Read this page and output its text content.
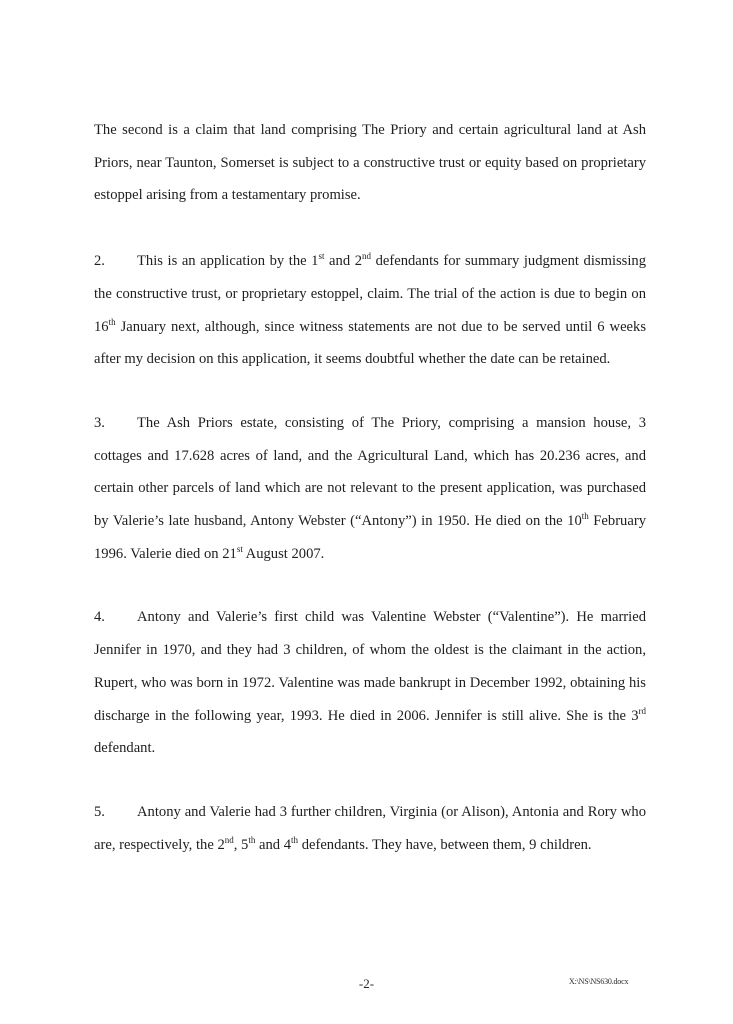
The second is a claim that land comprising The Priory and certain agricultural land at Ash Priors, near Taunton, Somerset is subject to a constructive trust or equity based on proprietary estoppel arising from a testamentary promise.

2. This is an application by the 1st and 2nd defendants for summary judgment dismissing the constructive trust, or proprietary estoppel, claim. The trial of the action is due to begin on 16th January next, although, since witness statements are not due to be served until 6 weeks after my decision on this application, it seems doubtful whether the date can be retained.

3. The Ash Priors estate, consisting of The Priory, comprising a mansion house, 3 cottages and 17.628 acres of land, and the Agricultural Land, which has 20.236 acres, and certain other parcels of land which are not relevant to the present application, was purchased by Valerie’s late husband, Antony Webster (“Antony”) in 1950. He died on the 10th February 1996. Valerie died on 21st August 2007.

4. Antony and Valerie’s first child was Valentine Webster (“Valentine”). He married Jennifer in 1970, and they had 3 children, of whom the oldest is the claimant in the action, Rupert, who was born in 1972. Valentine was made bankrupt in December 1992, obtaining his discharge in the following year, 1993. He died in 2006. Jennifer is still alive. She is the 3rd defendant.

5. Antony and Valerie had 3 further children, Virginia (or Alison), Antonia and Rory who are, respectively, the 2nd, 5th and 4th defendants. They have, between them, 9 children.

-2-	X:\NS\NS630.docx
